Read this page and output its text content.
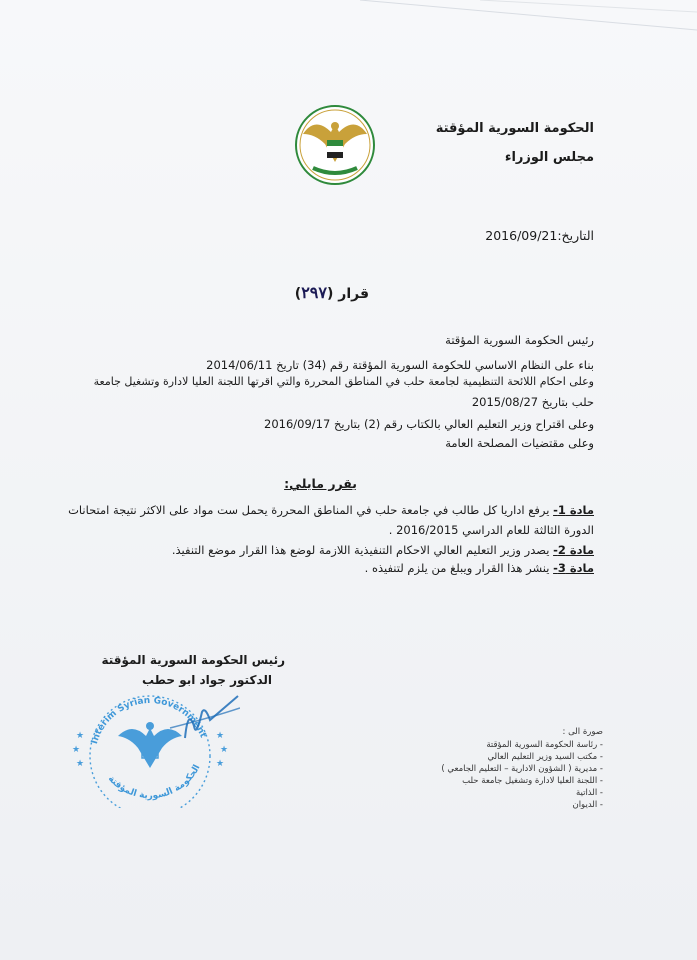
الحكومة السورية المؤقتة
مجلس الوزراء
التاريخ:2016/09/21
قرار (٢٩٧)
رئيس الحكومة السورية المؤقتة
بناء على النظام الاساسي للحكومة السورية المؤقتة رقم (34) تاريخ 2014/06/11
وعلى احكام اللائحة التنظيمية لجامعة حلب في المناطق المحررة والتي اقرتها اللجنة العليا لادارة وتشغيل جامعة
حلب بتاريخ 2015/08/27
وعلى اقتراح وزير التعليم العالي بالكتاب رقم (2) بتاريخ 2016/09/17
وعلى مقتضيات المصلحة العامة
يقرر مايلي:
مادة 1- يرفع اداريا كل طالب في جامعة حلب في المناطق المحررة يحمل ست مواد على الاكثر نتيجة امتحانات
الدورة الثالثة للعام الدراسي 2016/2015 .
مادة 2- يصدر وزير التعليم العالي الاحكام التنفيذية اللازمة لوضع هذا القرار موضع التنفيذ.
مادة 3- ينشر هذا القرار ويبلغ من يلزم لتنفيذه .
رئيس الحكومة السورية المؤقتة
الدكتور جواد ابو حطب
Interim Syrian Government
الحكومة السورية المؤقتة
★
★
★
★
★
★
صورة الى :
- رئاسة الحكومة السورية المؤقتة
- مكتب السيد وزير التعليم العالي
- مديرية ( الشؤون الادارية – التعليم الجامعي )
- اللجنة العليا لادارة وتشغيل جامعة حلب
- الذاتية
- الديوان
